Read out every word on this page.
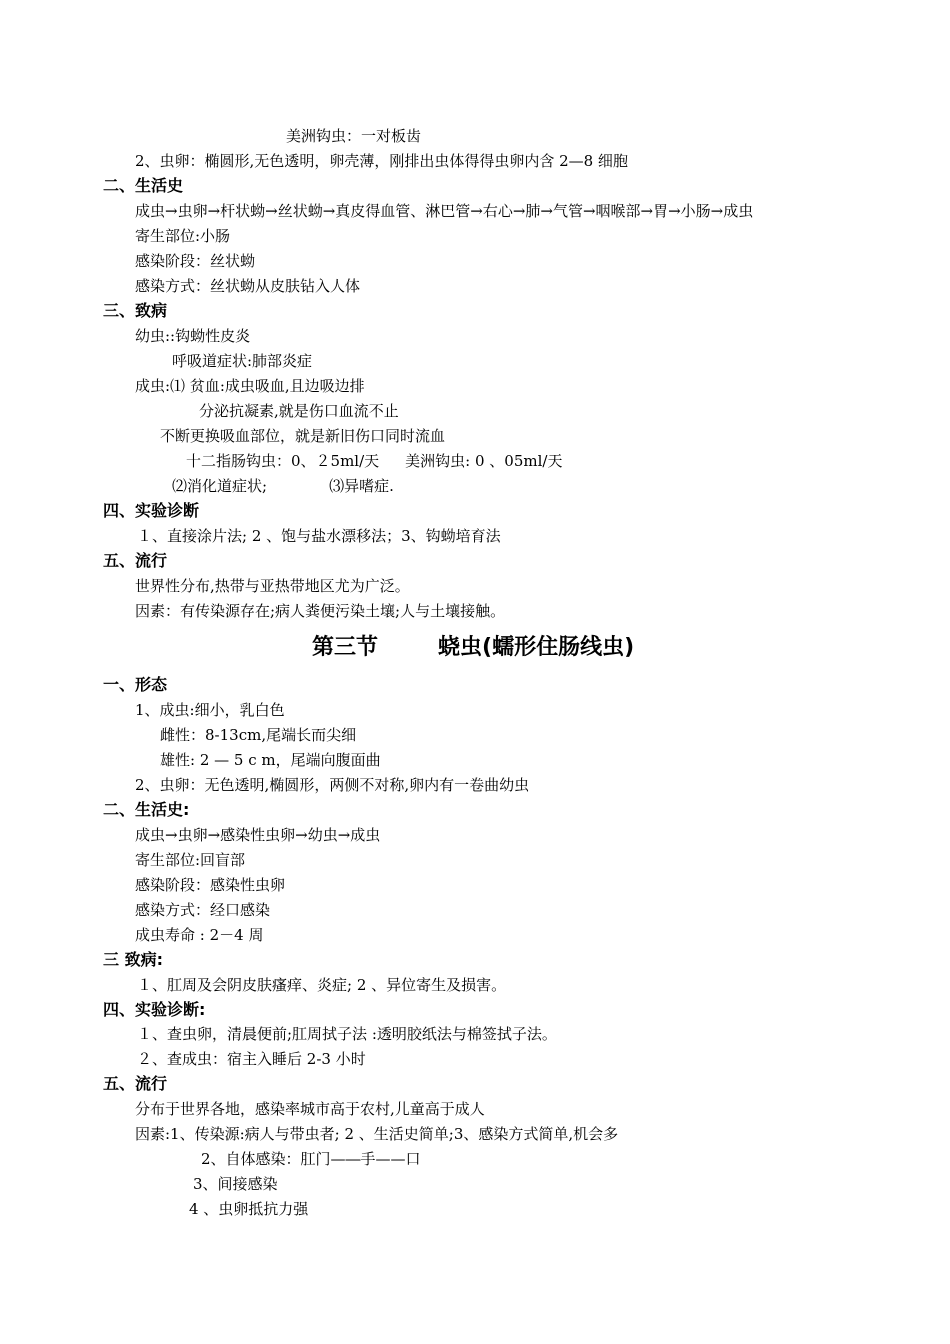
美洲钩虫：一对板齿
2、虫卵：椭圆形,无色透明，卵壳薄，刚排出虫体得得虫卵内含 2—8 细胞
二、生活史
成虫→虫卵→杆状蚴→丝状蚴→真皮得血管、淋巴管→右心→肺→气管→咽喉部→胃→小肠→成虫
寄生部位:小肠
感染阶段：丝状蚴
感染方式：丝状蚴从皮肤钻入人体
三、致病
幼虫::钩蚴性皮炎
呼吸道症状:肺部炎症
成虫:⑴ 贫血:成虫吸血,且边吸边排
分泌抗凝素,就是伤口血流不止
不断更换吸血部位，就是新旧伤口同时流血
十二指肠钩虫：0、２5ml/天 美洲钩虫: 0 、05ml/天
⑵消化道症状;	⑶异嗜症.
四、实验诊断
１、直接涂片法; 2 、饱与盐水漂移法；3、钩蚴培育法
五、流行
世界性分布,热带与亚热带地区尤为广泛。
因素：有传染源存在;病人粪便污染土壤;人与土壤接触。
第三节	蛲虫(蠕形住肠线虫)
一、形态
1、成虫:细小，乳白色
雌性：8-13cm,尾端长而尖细
雄性: 2 — 5 c m，尾端向腹面曲
2、虫卵：无色透明,椭圆形，两侧不对称,卵内有一卷曲幼虫
二、生活史:
成虫→虫卵→感染性虫卵→幼虫→成虫
寄生部位:回盲部
感染阶段：感染性虫卵
感染方式：经口感染
成虫寿命 : 2－4 周
三 致病:
１、肛周及会阴皮肤瘙痒、炎症; 2 、异位寄生及损害。
四、实验诊断:
１、查虫卵，清晨便前;肛周拭子法 :透明胶纸法与棉签拭子法。
２、查成虫：宿主入睡后 2-3 小时
五、流行
分布于世界各地，感染率城市高于农村,儿童高于成人
因素:1、传染源:病人与带虫者; 2 、生活史简单;3、感染方式简单,机会多
2、自体感染：肛门—―手——口
3、间接感染
4 、虫卵抵抗力强
